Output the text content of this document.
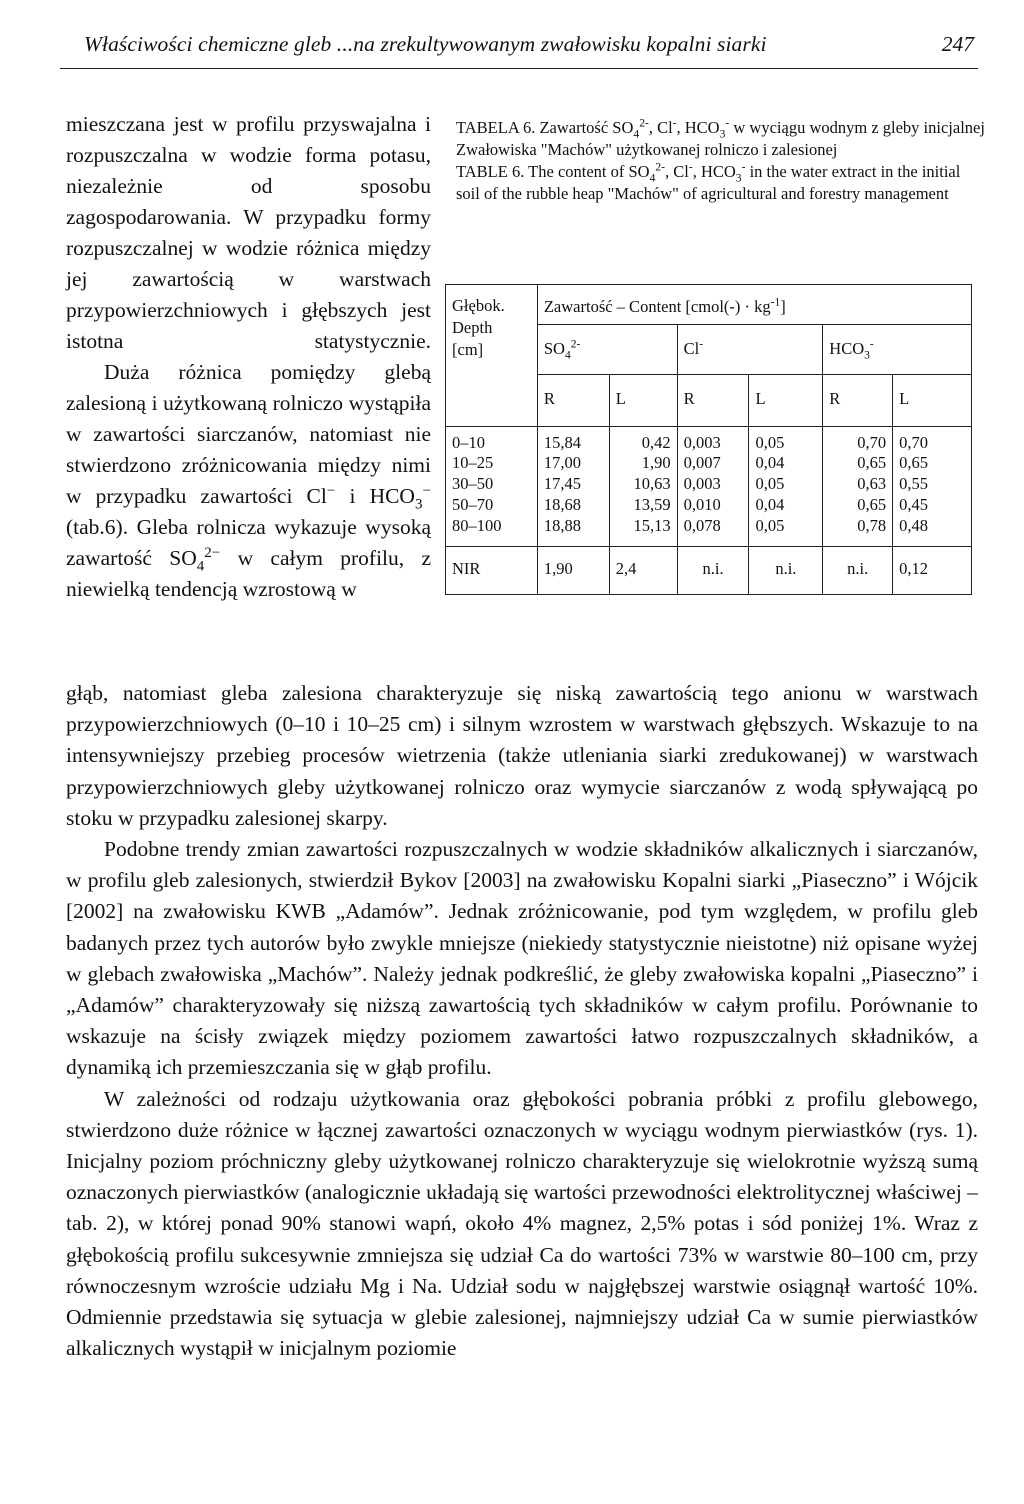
Właściwości chemiczne gleb ...na zrekultywowanym zwałowisku kopalni siarki	247

mieszczana jest w profilu przyswajalna i rozpuszczalna w wodzie forma potasu, niezależnie od sposobu zagospodarowania. W przypadku formy rozpuszczalnej w wodzie różnica między jej zawartością w warstwach przypowierzchniowych i głębszych jest istotna statystycznie.

Duża różnica pomiędzy glebą zalesioną i użytkowaną rolniczo wystąpiła w zawartości siarczanów, natomiast nie stwierdzono zróżnicowania między nimi w przypadku zawartości Cl− i $HCO_3^-$ (tab.6). Gleba rolnicza wykazuje wysoką zawartość $SO_4^{2-}$ w całym profilu, z niewielką tendencją wzrostową w

TABELA 6. Zawartość $SO_4^{2-}$, Cl-, $HCO_3^-$ w wyciągu wodnym z gleby inicjalnej Zwałowiska "Machów" użytkowanej rolniczo i zalesionej

TABLE 6. The content of $SO_4^{2-}$, Cl-, $HCO_3^-$ in the water extract in the initial soil of the rubble heap "Machów" of agricultural and forestry management

Głębok.
Depth
[cm]	Zawartość – Content [cmol(-) · $kg^{-1}$]					
	$SO_4^{2-}$		Cl-		$HCO_3^-$
	R	L	R	L	R	L
0–10	15,84	0,42	0,003	0,05	0,70	0,70
10–25	17,00	1,90	0,007	0,04	0,65	0,65
30–50	17,45	10,63	0,003	0,05	0,63	0,55
50–70	18,68	13,59	0,010	0,04	0,65	0,45
80–100	18,88	15,13	0,078	0,05	0,78	0,48
NIR	1,90	2,4	n.i.	n.i.	n.i.	0,12

głąb, natomiast gleba zalesiona charakteryzuje się niską zawartością tego anionu w warstwach przypowierzchniowych (0–10 i 10–25 cm) i silnym wzrostem w warstwach głębszych. Wskazuje to na intensywniejszy przebieg procesów wietrzenia (także utleniania siarki zredukowanej) w warstwach przypowierzchniowych gleby użytkowanej rolniczo oraz wymycie siarczanów z wodą spływającą po stoku w przypadku zalesionej skarpy.

Podobne trendy zmian zawartości rozpuszczalnych w wodzie składników alkalicznych i siarczanów, w profilu gleb zalesionych, stwierdził Bykov [2003] na zwałowisku Kopalni siarki „Piaseczno” i Wójcik [2002] na zwałowisku KWB „Adamów”. Jednak zróżnicowanie, pod tym względem, w profilu gleb badanych przez tych autorów było zwykle mniejsze (niekiedy statystycznie nieistotne) niż opisane wyżej w glebach zwałowiska „Machów”. Należy jednak podkreślić, że gleby zwałowiska kopalni „Piaseczno” i „Adamów” charakteryzowały się niższą zawartością tych składników w całym profilu. Porównanie to wskazuje na ścisły związek między poziomem zawartości łatwo rozpuszczalnych składników, a dynamiką ich przemieszczania się w głąb profilu.

W zależności od rodzaju użytkowania oraz głębokości pobrania próbki z profilu glebowego, stwierdzono duże różnice w łącznej zawartości oznaczonych w wyciągu wodnym pierwiastków (rys. 1). Inicjalny poziom próchniczny gleby użytkowanej rolniczo charakteryzuje się wielokrotnie wyższą sumą oznaczonych pierwiastków (analogicznie układają się wartości przewodności elektrolitycznej właściwej – tab. 2), w której ponad 90% stanowi wapń, około 4% magnez, 2,5% potas i sód poniżej 1%. Wraz z głębokością profilu sukcesywnie zmniejsza się udział Ca do wartości 73% w warstwie 80–100 cm, przy równoczesnym wzroście udziału Mg i Na. Udział sodu w najgłębszej warstwie osiągnął wartość 10%. Odmiennie przedstawia się sytuacja w glebie zalesionej, najmniejszy udział Ca w sumie pierwiastków alkalicznych wystąpił w inicjalnym poziomie
